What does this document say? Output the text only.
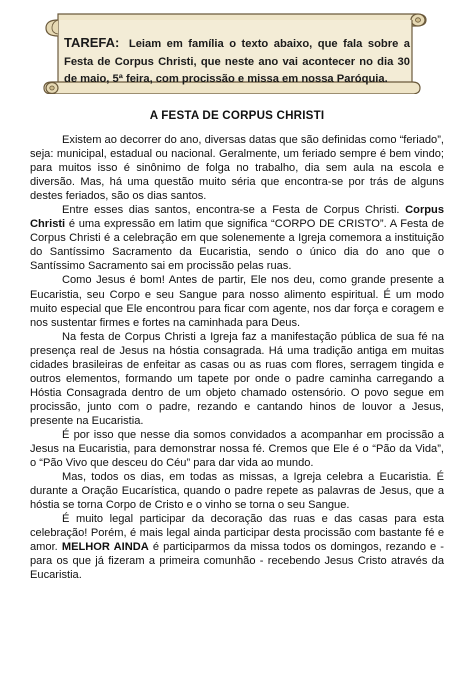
TAREFA: Leiam em família o texto abaixo, que fala sobre a Festa de Corpus Christi, que neste ano vai acontecer no dia 30 de maio, 5ª feira, com procissão e missa em nossa Paróquia.
A FESTA DE CORPUS CHRISTI

Existem ao decorrer do ano, diversas datas que são definidas como “feriado”, seja: municipal, estadual ou nacional. Geralmente, um feriado sempre é bem vindo; para muitos isso é sinônimo de folga no trabalho, dia sem aula na escola e diversão. Mas, há uma questão muito séria que encontra-se por trás de alguns destes feriados, são os dias santos.

Entre esses dias santos, encontra-se a Festa de Corpus Christi. Corpus Christi é uma expressão em latim que significa “CORPO DE CRISTO”. A Festa de Corpus Christi é a celebração em que solenemente a Igreja comemora a instituição do Santíssimo Sacramento da Eucaristia, sendo o único dia do ano que o Santíssimo Sacramento sai em procissão pelas ruas.

Como Jesus é bom! Antes de partir, Ele nos deu, como grande presente a Eucaristia, seu Corpo e seu Sangue para nosso alimento espiritual. É um modo muito especial que Ele encontrou para ficar com agente, nos dar força e coragem e nos sustentar firmes e fortes na caminhada para Deus.

Na festa de Corpus Christi a Igreja faz a manifestação pública de sua fé na presença real de Jesus na hóstia consagrada. Há uma tradição antiga em muitas cidades brasileiras de enfeitar as casas ou as ruas com flores, serragem tingida e outros elementos, formando um tapete por onde o padre caminha carregando a Hóstia Consagrada dentro de um objeto chamado ostensório. O povo segue em procissão, junto com o padre, rezando e cantando hinos de louvor a Jesus, presente na Eucaristia.

É por isso que nesse dia somos convidados a acompanhar em procissão a Jesus na Eucaristia, para demonstrar nossa fé. Cremos que Ele é o “Pão da Vida”, o “Pão Vivo que desceu do Céu” para dar vida ao mundo.

Mas, todos os dias, em todas as missas, a Igreja celebra a Eucaristia. É durante a Oração Eucarística, quando o padre repete as palavras de Jesus, que a hóstia se torna Corpo de Cristo e o vinho se torna o seu Sangue.

É muito legal participar da decoração das ruas e das casas para esta celebração! Porém, é mais legal ainda participar desta procissão com bastante fé e amor. MELHOR AINDA é participarmos da missa todos os domingos, rezando e - para os que já fizeram a primeira comunhão - recebendo Jesus Cristo através da Eucaristia.
